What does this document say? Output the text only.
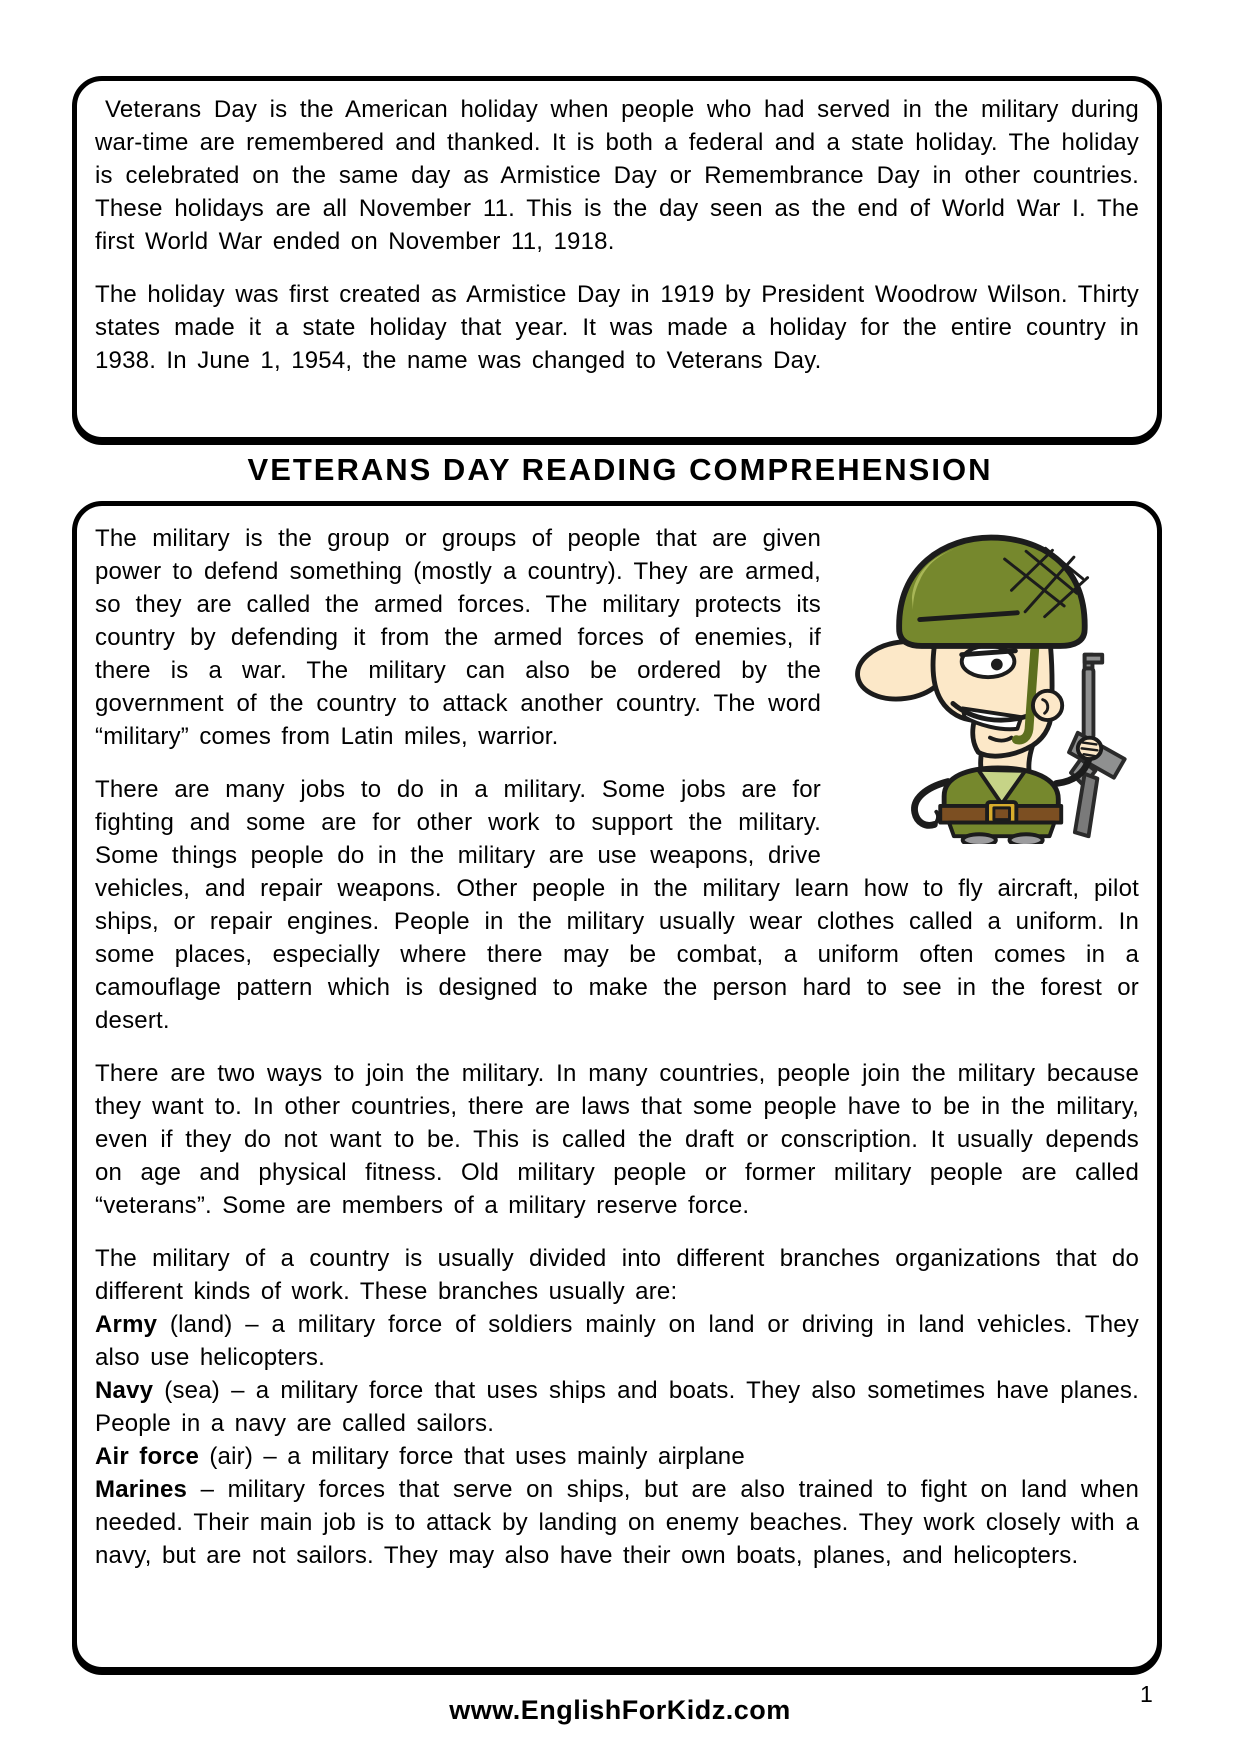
Veterans Day is the American holiday when people who had served in the military during war-time are remembered and thanked. It is both a federal and a state holiday. The holiday is celebrated on the same day as Armistice Day or Remembrance Day in other countries. These holidays are all November 11. This is the day seen as the end of World War I. The first World War ended on November 11, 1918.

The holiday was first created as Armistice Day in 1919 by President Woodrow Wilson. Thirty states made it a state holiday that year. It was made a holiday for the entire country in 1938. In June 1, 1954, the name was changed to Veterans Day.

VETERANS DAY READING COMPREHENSION

The military is the group or groups of people that are given power to defend something (mostly a country). They are armed, so they are called the armed forces. The military protects its country by defending it from the armed forces of enemies, if there is a war. The military can also be ordered by the government of the country to attack another country. The word “military” comes from Latin miles, warrior.

There are many jobs to do in a military. Some jobs are for fighting and some are for other work to support the military. Some things people do in the military are use weapons, drive vehicles, and repair weapons. Other people in the military learn how to fly aircraft, pilot ships, or repair engines. People in the military usually wear clothes called a uniform. In some places, especially where there may be combat, a uniform often comes in a camouflage pattern which is designed to make the person hard to see in the forest or desert.

There are two ways to join the military. In many countries, people join the military because they want to. In other countries, there are laws that some people have to be in the military, even if they do not want to be. This is called the draft or conscription. It usually depends on age and physical fitness. Old military people or former military people are called “veterans”. Some are members of a military reserve force.

The military of a country is usually divided into different branches organizations that do different kinds of work. These branches usually are:

Army (land) – a military force of soldiers mainly on land or driving in land vehicles. They also use helicopters.

Navy (sea) – a military force that uses ships and boats. They also sometimes have planes. People in a navy are called sailors.

Air force (air) – a military force that uses mainly airplane

Marines – military forces that serve on ships, but are also trained to fight on land when needed. Their main job is to attack by landing on enemy beaches. They work closely with a navy, but are not sailors. They may also have their own boats, planes, and helicopters.

www.EnglishForKidz.com
1
